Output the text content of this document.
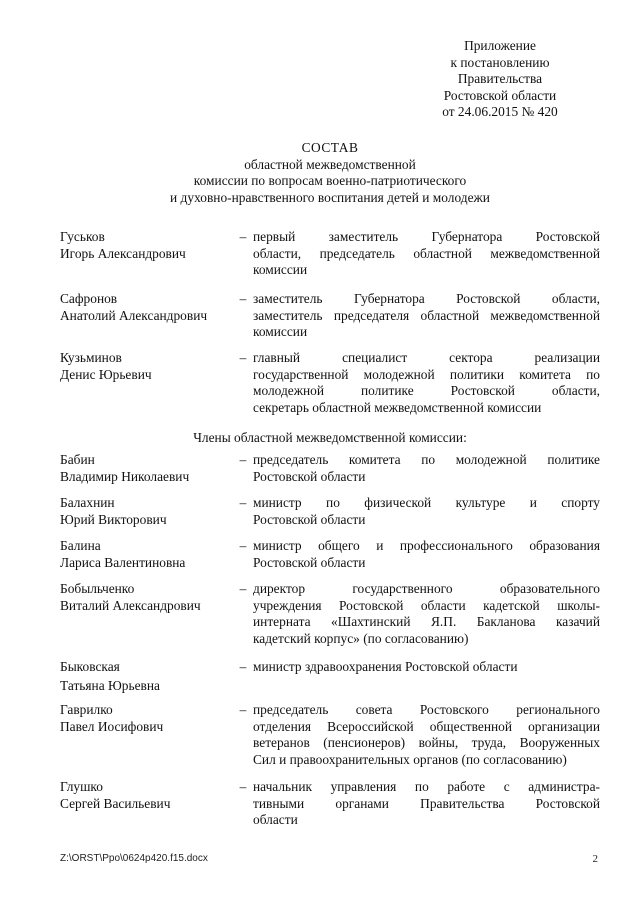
Приложение
к постановлению
Правительства
Ростовской области
от 24.06.2015 № 420
СОСТАВ
областной межведомственной
комиссии по вопросам военно-патриотического
и духовно-нравственного воспитания детей и молодежи
Гуськов
Игорь Александрович
– первый заместитель Губернатора Ростовской
области, председатель областной межведомственной
комиссии
Сафронов
Анатолий Александрович
– заместитель Губернатора Ростовской области,
заместитель председателя областной межведомственной
комиссии
Кузьминов
Денис Юрьевич
– главный специалист сектора реализации
государственной молодежной политики комитета по
молодежной политике Ростовской области,
секретарь областной межведомственной комиссии
Члены областной межведомственной комиссии:
Бабин
Владимир Николаевич
– председатель комитета по молодежной политике
Ростовской области
Балахнин
Юрий Викторович
– министр по физической культуре и спорту
Ростовской области
Балина
Лариса Валентиновна
– министр общего и профессионального образования
Ростовской области
Бобыльченко
Виталий Александрович
– директор государственного образовательного
учреждения Ростовской области кадетской школы-
интерната «Шахтинский Я.П. Бакланова казачий
кадетский корпус» (по согласованию)
Быковская
Татьяна Юрьевна
– министр здравоохранения Ростовской области
Гаврилко
Павел Иосифович
– председатель совета Ростовского регионального
отделения Всероссийской общественной организации
ветеранов (пенсионеров) войны, труда, Вооруженных
Сил и правоохранительных органов (по согласованию)
Глушко
Сергей Васильевич
– начальник управления по работе с администра-
тивными органами Правительства Ростовской
области
Z:\ORST\Ppo\0624p420.f15.docx	2
